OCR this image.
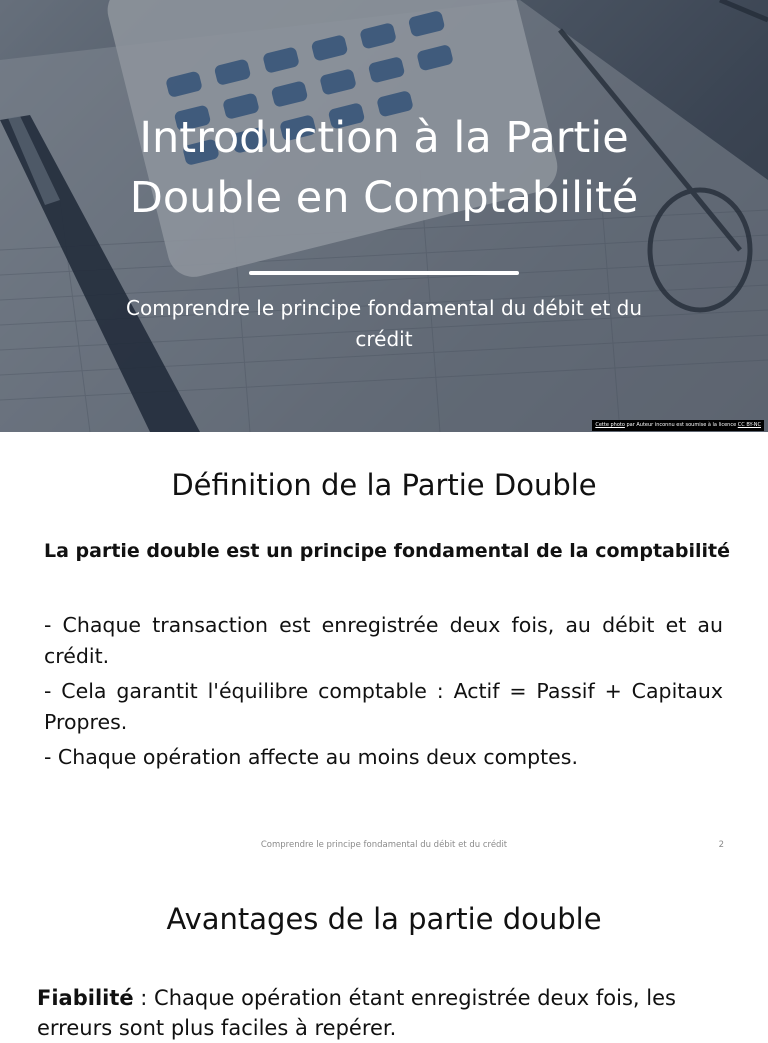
Introduction à la Partie Double en Comptabilité

Comprendre le principe fondamental du débit et du crédit

Cette photo par Auteur inconnu est soumise à la licence CC BY-NC
Définition de la Partie Double

La partie double est un principe fondamental de la comptabilité

- Chaque transaction est enregistrée deux fois, au débit et au crédit.
- Cela garantit l'équilibre comptable : Actif = Passif + Capitaux Propres.
- Chaque opération affecte au moins deux comptes.
Comprendre le principe fondamental du débit et du crédit	2
Avantages de la partie double

Fiabilité : Chaque opération étant enregistrée deux fois, les erreurs sont plus faciles à repérer.
